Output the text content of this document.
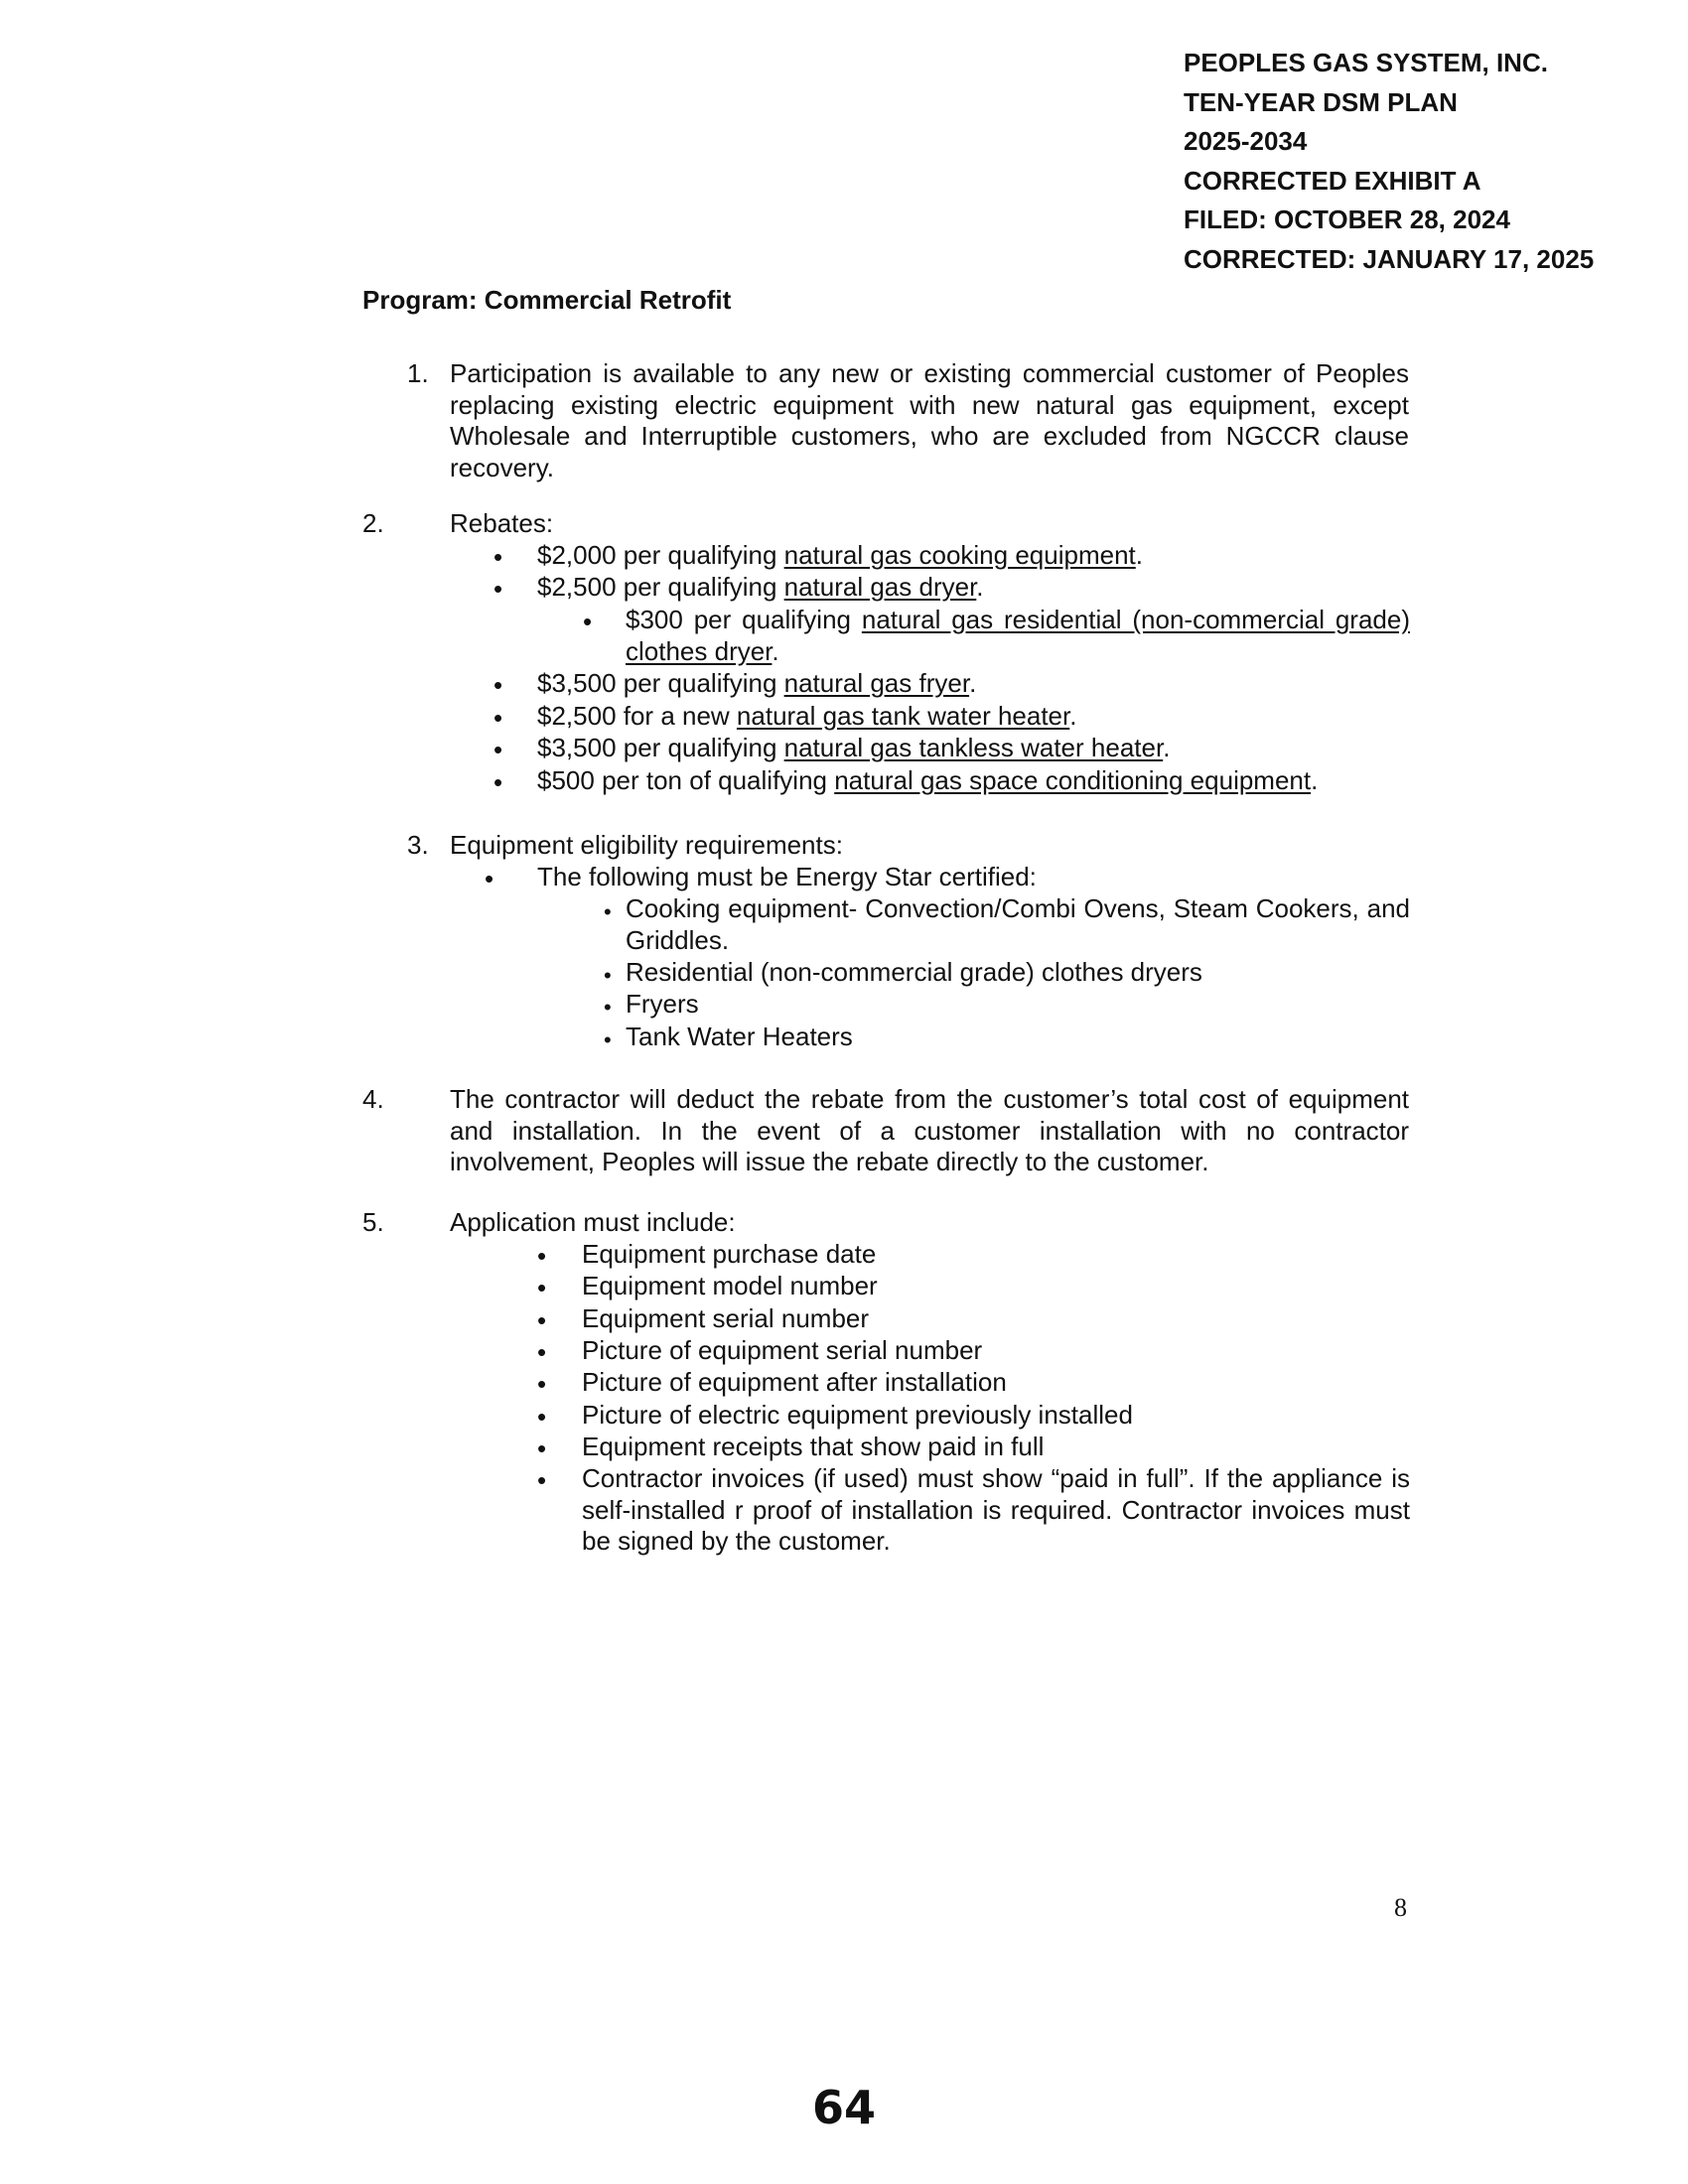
PEOPLES GAS SYSTEM, INC.
TEN-YEAR DSM PLAN
2025-2034
CORRECTED EXHIBIT A
FILED: OCTOBER 28, 2024
CORRECTED: JANUARY 17, 2025
Program: Commercial Retrofit
1. Participation is available to any new or existing commercial customer of Peoples replacing existing electric equipment with new natural gas equipment, except Wholesale and Interruptible customers, who are excluded from NGCCR clause recovery.
2.	Rebates:
• $2,000 per qualifying natural gas cooking equipment.
• $2,500 per qualifying natural gas dryer.
• $300 per qualifying natural gas residential (non-commercial grade) clothes dryer.
• $3,500 per qualifying natural gas fryer.
• $2,500 for a new natural gas tank water heater.
• $3,500 per qualifying natural gas tankless water heater.
• $500 per ton of qualifying natural gas space conditioning equipment.
3. Equipment eligibility requirements:
• The following must be Energy Star certified:
• Cooking equipment- Convection/Combi Ovens, Steam Cookers, and Griddles.
• Residential (non-commercial grade) clothes dryers
• Fryers
• Tank Water Heaters
4.	The contractor will deduct the rebate from the customer’s total cost of equipment and installation. In the event of a customer installation with no contractor involvement, Peoples will issue the rebate directly to the customer.
5.	Application must include:
• Equipment purchase date
• Equipment model number
• Equipment serial number
• Picture of equipment serial number
• Picture of equipment after installation
• Picture of electric equipment previously installed
• Equipment receipts that show paid in full
• Contractor invoices (if used) must show “paid in full”. If the appliance is self-installed r proof of installation is required. Contractor invoices must be signed by the customer.
8
64
